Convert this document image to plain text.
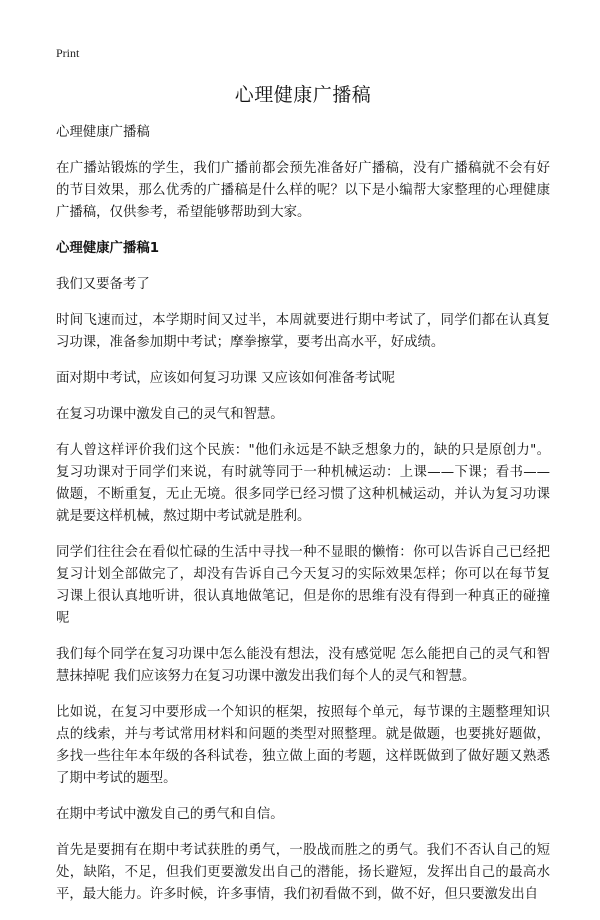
Print
心理健康广播稿

心理健康广播稿

在广播站锻炼的学生，我们广播前都会预先准备好广播稿，没有广播稿就不会有好的节目效果，那么优秀的广播稿是什么样的呢？以下是小编帮大家整理的心理健康广播稿，仅供参考，希望能够帮助到大家。

心理健康广播稿1

我们又要备考了

时间飞速而过，本学期时间又过半，本周就要进行期中考试了，同学们都在认真复习功课，准备参加期中考试；摩拳擦掌，要考出高水平，好成绩。

面对期中考试，应该如何复习功课 又应该如何准备考试呢

在复习功课中激发自己的灵气和智慧。

有人曾这样评价我们这个民族："他们永远是不缺乏想象力的，缺的只是原创力"。复习功课对于同学们来说，有时就等同于一种机械运动：上课——下课；看书——做题，不断重复，无止无境。很多同学已经习惯了这种机械运动，并认为复习功课就是要这样机械，熬过期中考试就是胜利。

同学们往往会在看似忙碌的生活中寻找一种不显眼的懒惰：你可以告诉自己已经把复习计划全部做完了，却没有告诉自己今天复习的实际效果怎样；你可以在每节复习课上很认真地听讲，很认真地做笔记，但是你的思维有没有得到一种真正的碰撞呢

我们每个同学在复习功课中怎么能没有想法，没有感觉呢 怎么能把自己的灵气和智慧抹掉呢 我们应该努力在复习功课中激发出我们每个人的灵气和智慧。

比如说，在复习中要形成一个知识的框架，按照每个单元，每节课的主题整理知识点的线索，并与考试常用材料和问题的类型对照整理。就是做题，也要挑好题做，多找一些往年本年级的各科试卷，独立做上面的考题，这样既做到了做好题又熟悉了期中考试的题型。

在期中考试中激发自己的勇气和自信。

首先是要拥有在期中考试获胜的勇气，一股战而胜之的勇气。我们不否认自己的短处，缺陷，不足，但我们更要激发出自己的潜能，扬长避短，发挥出自己的最高水平，最大能力。许多时候，许多事情，我们初看做不到，做不好，但只要激发出自
